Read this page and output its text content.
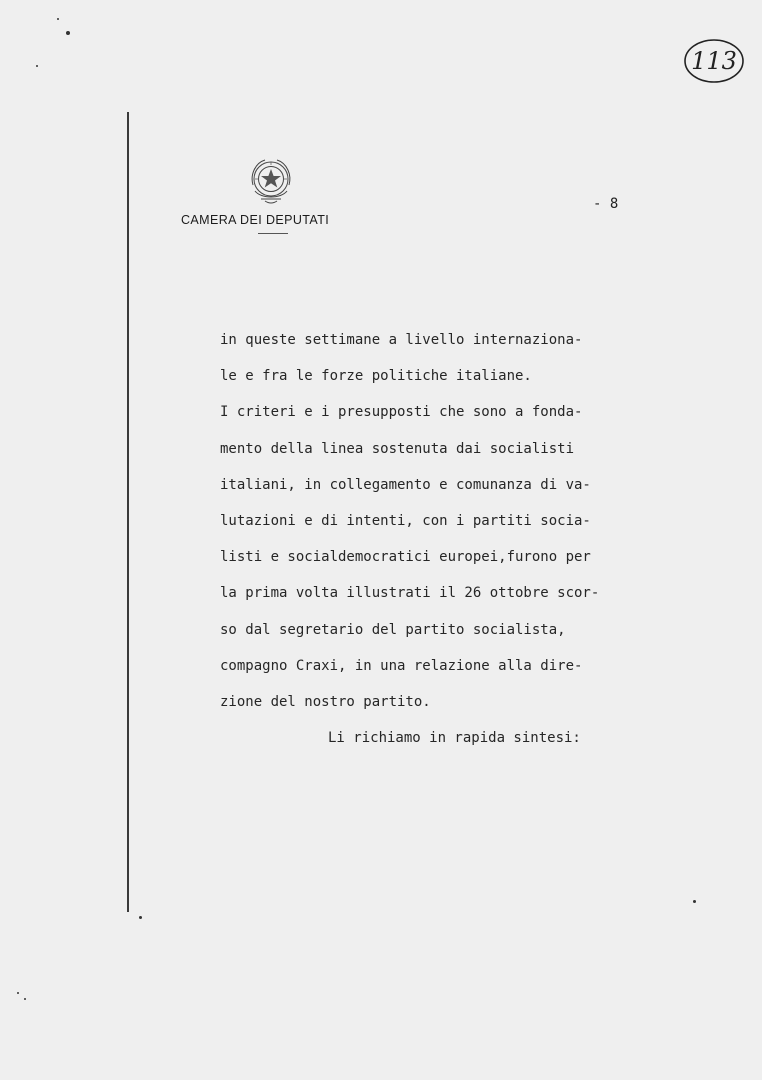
CAMERA DEI DEPUTATI
- 8
113
in queste settimane a livello internaziona-
le e fra le forze politiche italiane.
I criteri e i presupposti che sono a fonda-
mento della linea sostenuta dai socialisti
italiani, in collegamento e comunanza di va-
lutazioni e di intenti, con i partiti socia-
listi e socialdemocratici europei,furono per
la prima volta illustrati il 26 ottobre scor-
so dal segretario del partito socialista,
compagno Craxi, in una relazione alla dire-
zione del nostro partito.
Li richiamo in rapida sintesi:
